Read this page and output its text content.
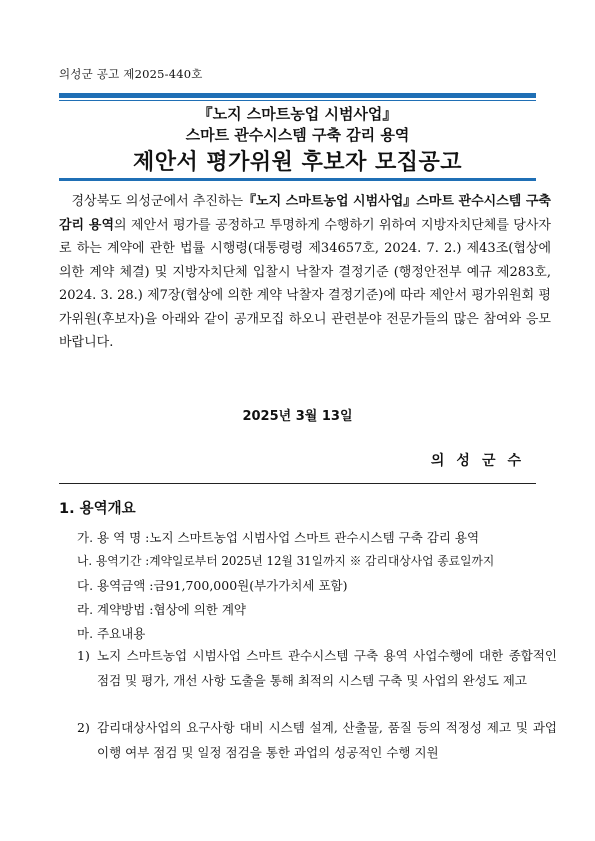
의성군 공고 제2025-440호
『노지 스마트농업 시범사업』
스마트 관수시스템 구축 감리 용역
제안서 평가위원 후보자 모집공고
경상북도 의성군에서 추진하는『노지 스마트농업 시범사업』스마트 관수시스템 구축 감리 용역의 제안서 평가를 공정하고 투명하게 수행하기 위하여 지방자치단체를 당사자로 하는 계약에 관한 법률 시행령(대통령령 제34657호, 2024. 7. 2.) 제43조(협상에 의한 계약 체결) 및 지방자치단체 입찰시 낙찰자 결정기준 (행정안전부 예규 제283호, 2024. 3. 28.) 제7장(협상에 의한 계약 낙찰자 결정기준)에 따라 제안서 평가위원회 평가위원(후보자)을 아래와 같이 공개모집 하오니 관련분야 전문가들의 많은 참여와 응모 바랍니다.
2025년 3월 13일
의성군수
1. 용역개요
가. 용 역 명 :노지 스마트농업 시범사업 스마트 관수시스템 구축 감리 용역
나. 용역기간 :계약일로부터 2025년 12월 31일까지 ※ 감리대상사업 종료일까지
다. 용역금액 :금91,700,000원(부가가치세 포함)
라. 계약방법 :협상에 의한 계약
마. 주요내용
1) 노지 스마트농업 시범사업 스마트 관수시스템 구축 용역 사업수행에 대한 종합적인 점검 및 평가, 개선 사항 도출을 통해 최적의 시스템 구축 및 사업의 완성도 제고
2) 감리대상사업의 요구사항 대비 시스템 설계, 산출물, 품질 등의 적정성 제고 및 과업 이행 여부 점검 및 일정 점검을 통한 과업의 성공적인 수행 지원
